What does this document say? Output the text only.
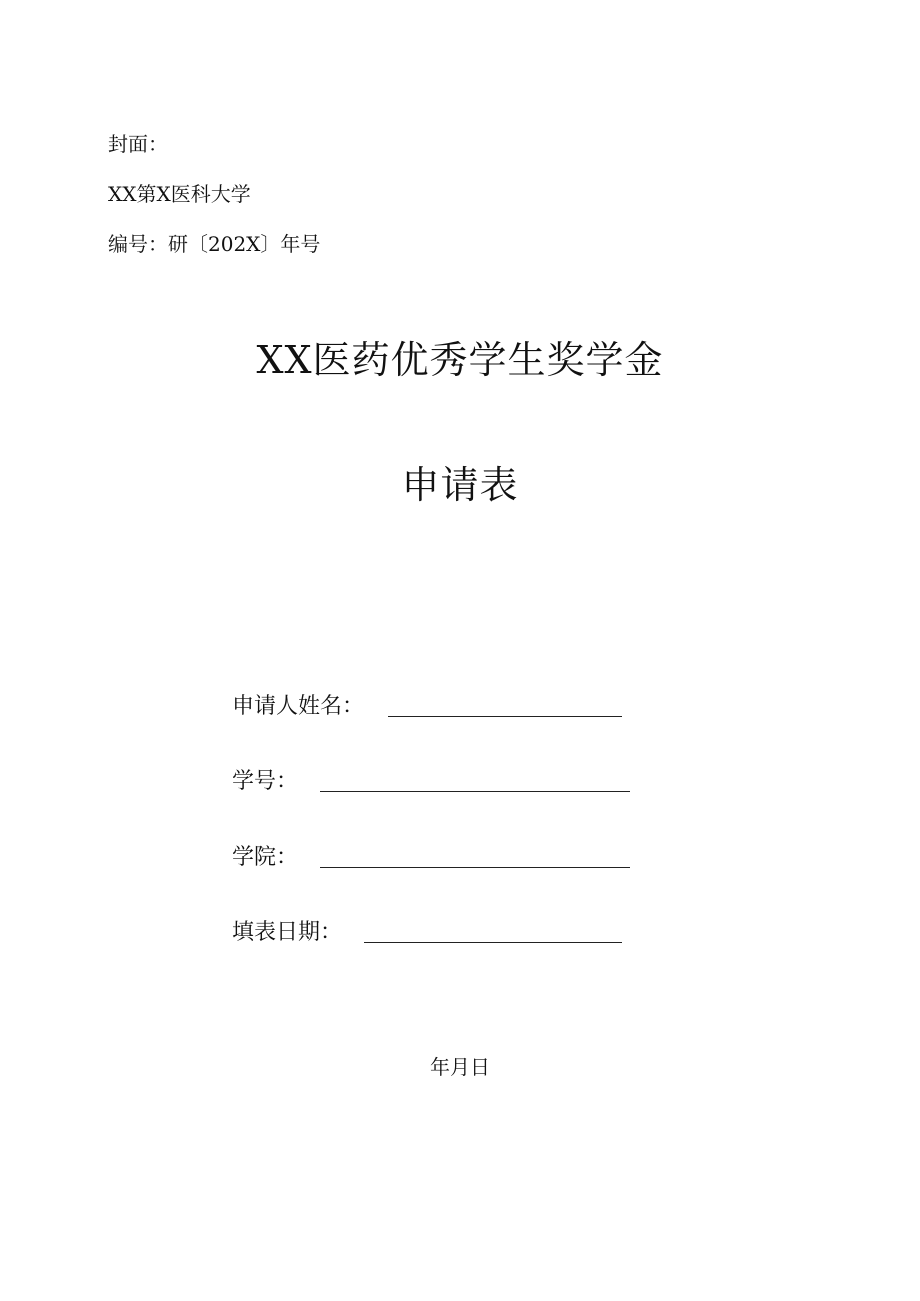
封面：
XX第X医科大学
编号：研〔202X〕年号
XX医药优秀学生奖学金
申请表
申请人姓名：
学号：
学院：
填表日期：
年月日
